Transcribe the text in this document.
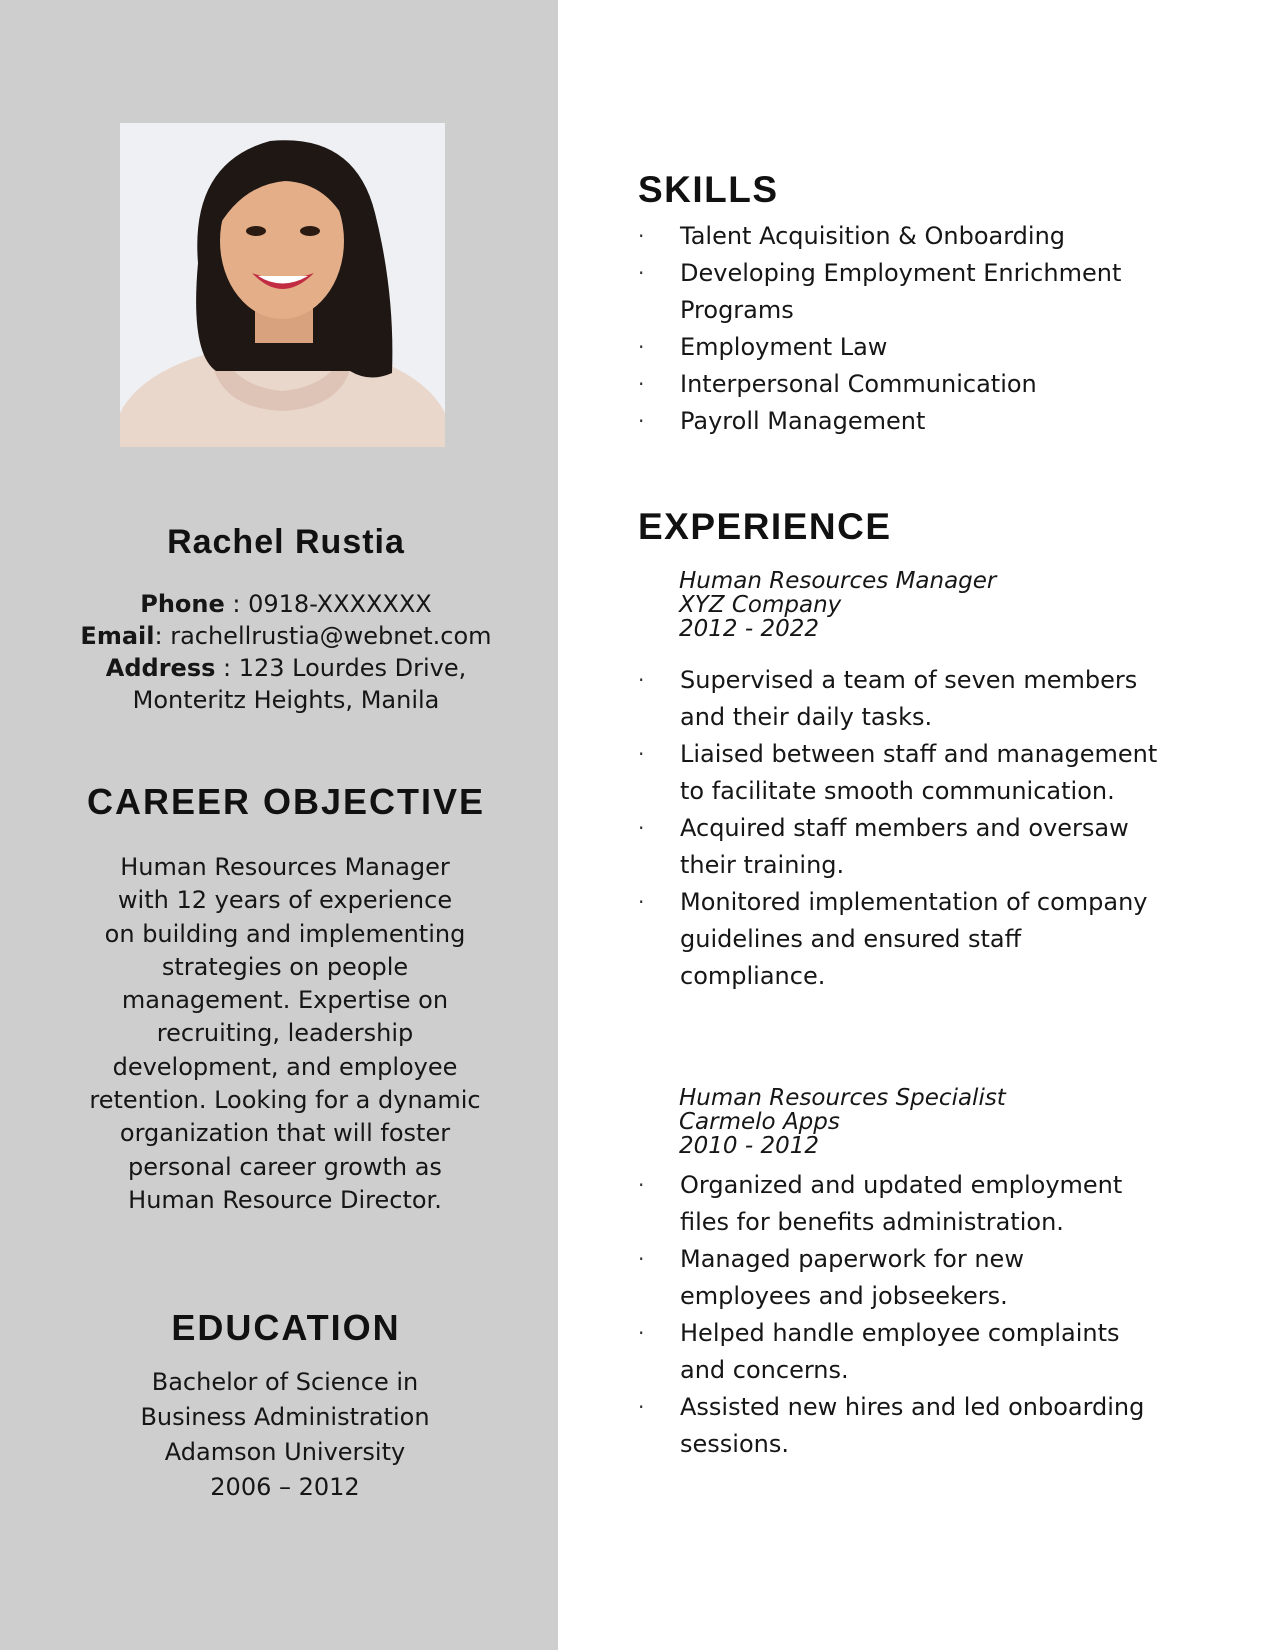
Rachel Rustia
Phone : 0918-XXXXXXX
Email: rachellrustia@webnet.com
Address : 123 Lourdes Drive,
Monteritz Heights, Manila
CAREER OBJECTIVE
Human Resources Manager
with 12 years of experience
on building and implementing
strategies on people
management. Expertise on
recruiting, leadership
development, and employee
retention. Looking for a dynamic
organization that will foster
personal career growth as
Human Resource Director.
EDUCATION
Bachelor of Science in
Business Administration
Adamson University
2006 – 2012
SKILLS
· Talent Acquisition & Onboarding
· Developing Employment Enrichment Programs
· Employment Law
· Interpersonal Communication
· Payroll Management
EXPERIENCE
Human Resources Manager
XYZ Company
2012 - 2022
· Supervised a team of seven members and their daily tasks.
· Liaised between staff and management to facilitate smooth communication.
· Acquired staff members and oversaw their training.
· Monitored implementation of company guidelines and ensured staff compliance.
Human Resources Specialist
Carmelo Apps
2010 - 2012
· Organized and updated employment files for benefits administration.
· Managed paperwork for new employees and jobseekers.
· Helped handle employee complaints and concerns.
· Assisted new hires and led onboarding sessions.
